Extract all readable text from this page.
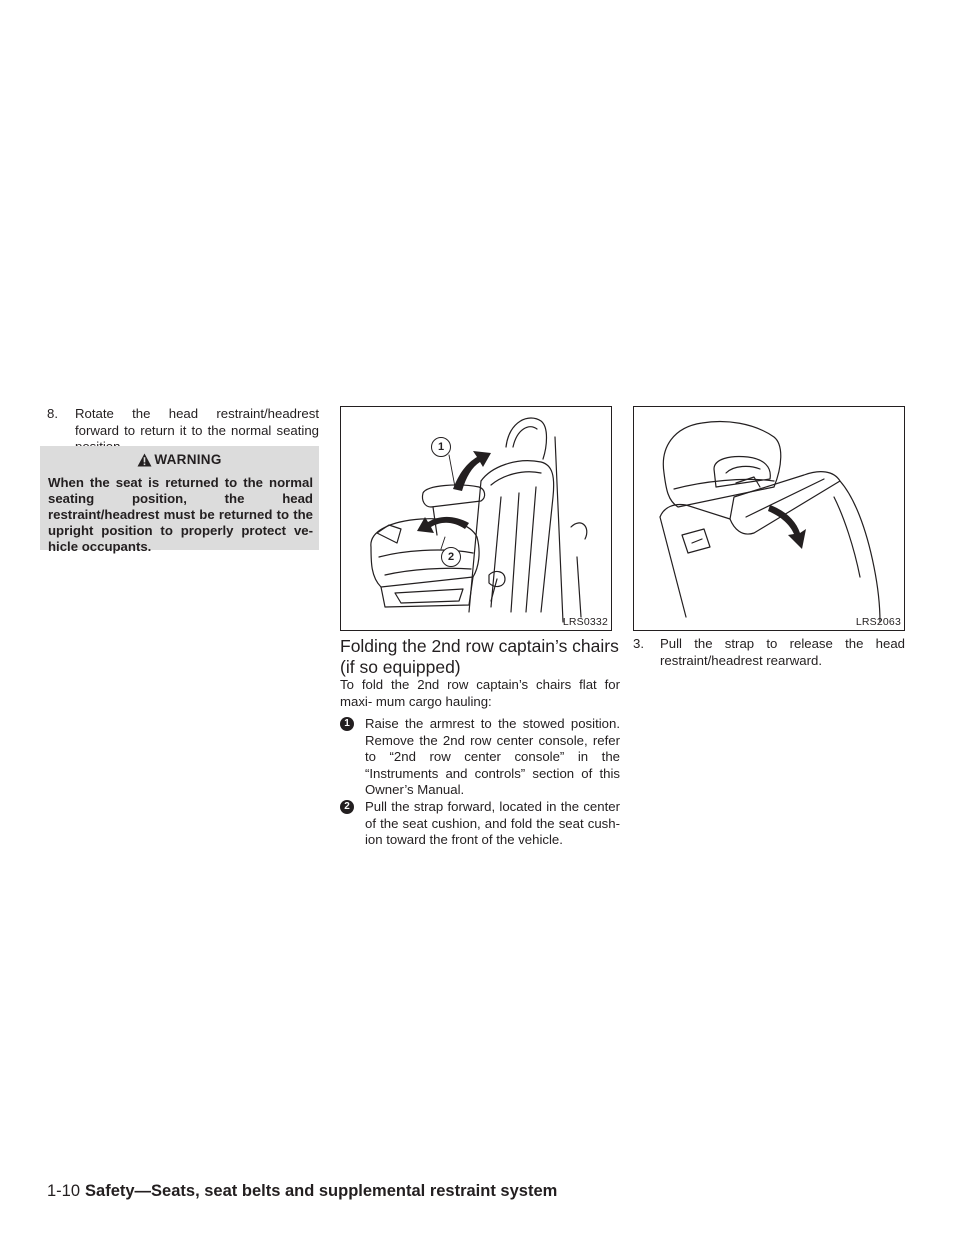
8. Rotate the head restraint/headrest forward to return it to the normal seating
WARNING
When the seat is returned to the normal
seating position, the head
restraint/headrest must be returned to the
upright position to properly protect ve-
hicle occupants.
1
2
LRS0332	LRS2063
Folding the 2nd row captain’s chairs (if so equipped)
To fold the 2nd row captain’s chairs flat for maxi- mum cargo hauling:
1	Raise the armrest to the stowed position. Remove the 2nd row center console, refer to “2nd row center console” in the “Instruments and controls” section of this Owner’s Manual.
2	Pull the strap forward, located in the center of the seat cushion, and fold the seat cush- ion toward the front of the vehicle.
3. Pull the strap to release the head restraint/headrest rearward.
1-10 Safety—Seats, seat belts and supplemental restraint system
